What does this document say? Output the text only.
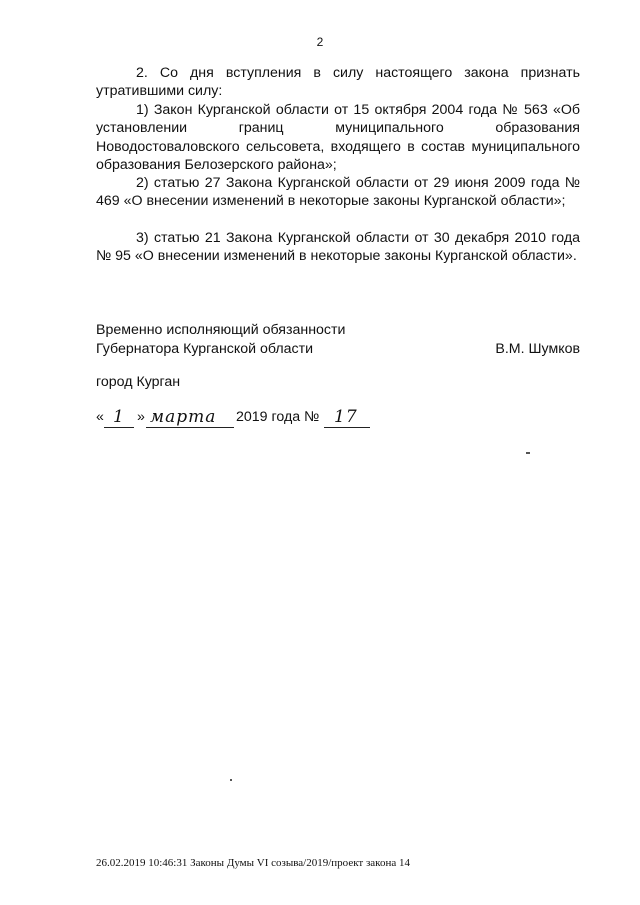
2

2. Со дня вступления в силу настоящего закона признать утратившими силу:

1) Закон Курганской области от 15 октября 2004 года № 563 «Об установлении границ муниципального образования Новодостоваловского сельсовета, входящего в состав муниципального образования Белозерского района»;

2) статью 27 Закона Курганской области от 29 июня 2009 года № 469 «О внесении изменений в некоторые законы Курганской области»;

3) статью 21 Закона Курганской области от 30 декабря 2010 года № 95 «О внесении изменений в некоторые законы Курганской области».

Временно исполняющий обязанности
Губернатора Курганской области	В.М. Шумков
город Курган
« 1 » марта 2019 года № 17
26.02.2019 10:46:31 Законы Думы VI созыва/2019/проект закона 14
